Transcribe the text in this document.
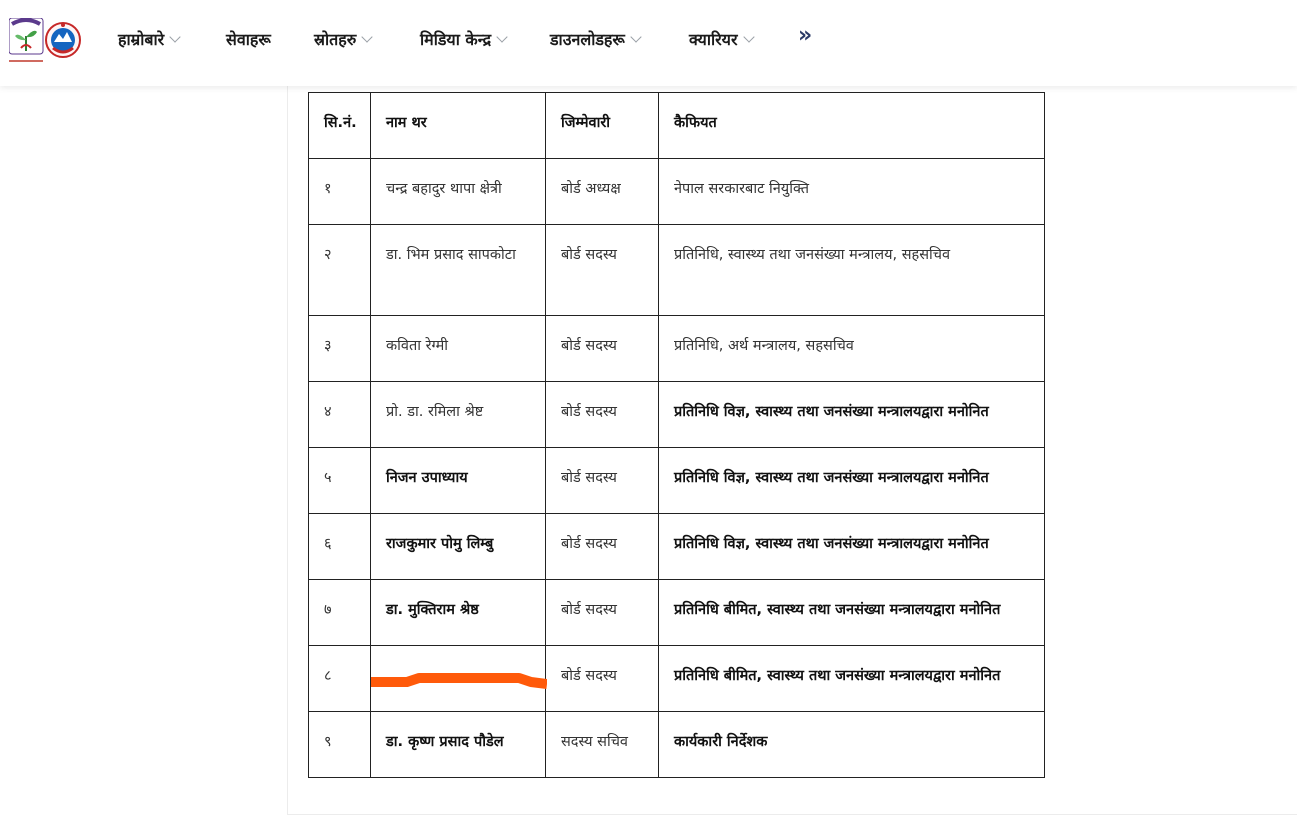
हाम्रोबारे	सेवाहरू	स्रोतहरु	मिडिया केन्द्र	डाउनलोडहरू	क्यारियर	»
सि.नं.	नाम थर	जिम्मेवारी	कैफियत
१	चन्द्र बहादुर थापा क्षेत्री	बोर्ड अध्यक्ष	नेपाल सरकारबाट नियुक्ति
२	डा. भिम प्रसाद सापकोटा	बोर्ड सदस्य	प्रतिनिधि, स्वास्थ्य तथा जनसंख्या मन्त्रालय, सहसचिव
३	कविता रेग्मी	बोर्ड सदस्य	प्रतिनिधि, अर्थ मन्त्रालय, सहसचिव
४	प्रो. डा. रमिला श्रेष्ट	बोर्ड सदस्य	प्रतिनिधि विज्ञ, स्वास्थ्य तथा जनसंख्या मन्त्रालयद्वारा मनोनित
५	निजन उपाध्याय	बोर्ड सदस्य	प्रतिनिधि विज्ञ, स्वास्थ्य तथा जनसंख्या मन्त्रालयद्वारा मनोनित
६	राजकुमार पोमु लिम्बु	बोर्ड सदस्य	प्रतिनिधि विज्ञ, स्वास्थ्य तथा जनसंख्या मन्त्रालयद्वारा मनोनित
७	डा. मुक्तिराम श्रेष्ठ	बोर्ड सदस्य	प्रतिनिधि बीमित, स्वास्थ्य तथा जनसंख्या मन्त्रालयद्वारा मनोनित
८		बोर्ड सदस्य	प्रतिनिधि बीमित, स्वास्थ्य तथा जनसंख्या मन्त्रालयद्वारा मनोनित
९	डा. कृष्ण प्रसाद पौडेल	सदस्य सचिव	कार्यकारी निर्देशक
